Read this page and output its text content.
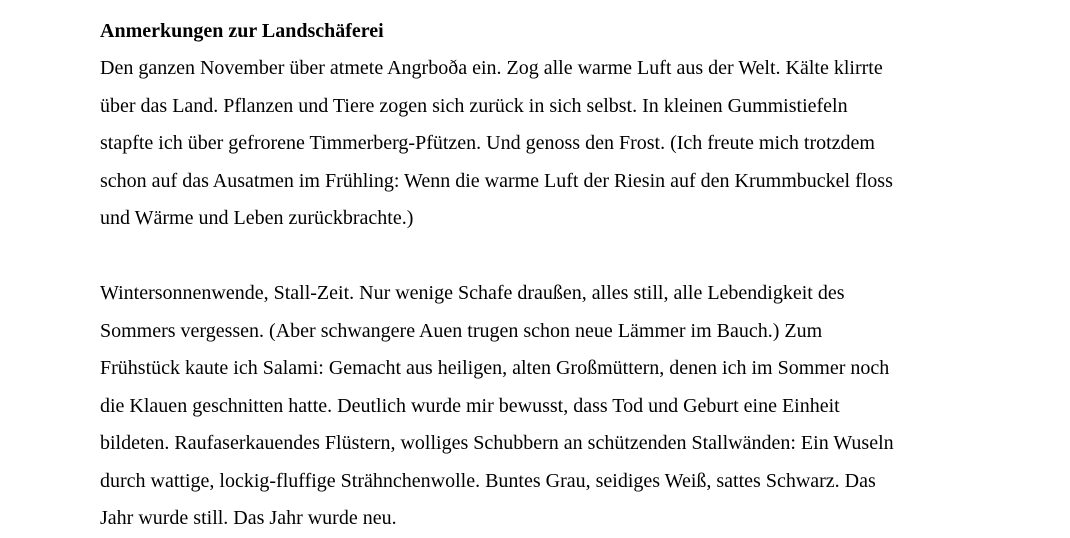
Anmerkungen zur Landschäferei

Den ganzen November über atmete Angrboða ein. Zog alle warme Luft aus der Welt. Kälte klirrte
über das Land. Pflanzen und Tiere zogen sich zurück in sich selbst. In kleinen Gummistiefeln
stapfte ich über gefrorene Timmerberg-Pfützen. Und genoss den Frost. (Ich freute mich trotzdem
schon auf das Ausatmen im Frühling: Wenn die warme Luft der Riesin auf den Krummbuckel floss
und Wärme und Leben zurückbrachte.)

Wintersonnenwende, Stall-Zeit. Nur wenige Schafe draußen, alles still, alle Lebendigkeit des
Sommers vergessen. (Aber schwangere Auen trugen schon neue Lämmer im Bauch.) Zum
Frühstück kaute ich Salami: Gemacht aus heiligen, alten Großmüttern, denen ich im Sommer noch
die Klauen geschnitten hatte. Deutlich wurde mir bewusst, dass Tod und Geburt eine Einheit
bildeten. Raufaserkauendes Flüstern, wolliges Schubbern an schützenden Stallwänden: Ein Wuseln
durch wattige, lockig-fluffige Strähnchenwolle. Buntes Grau, seidiges Weiß, sattes Schwarz. Das
Jahr wurde still. Das Jahr wurde neu.
